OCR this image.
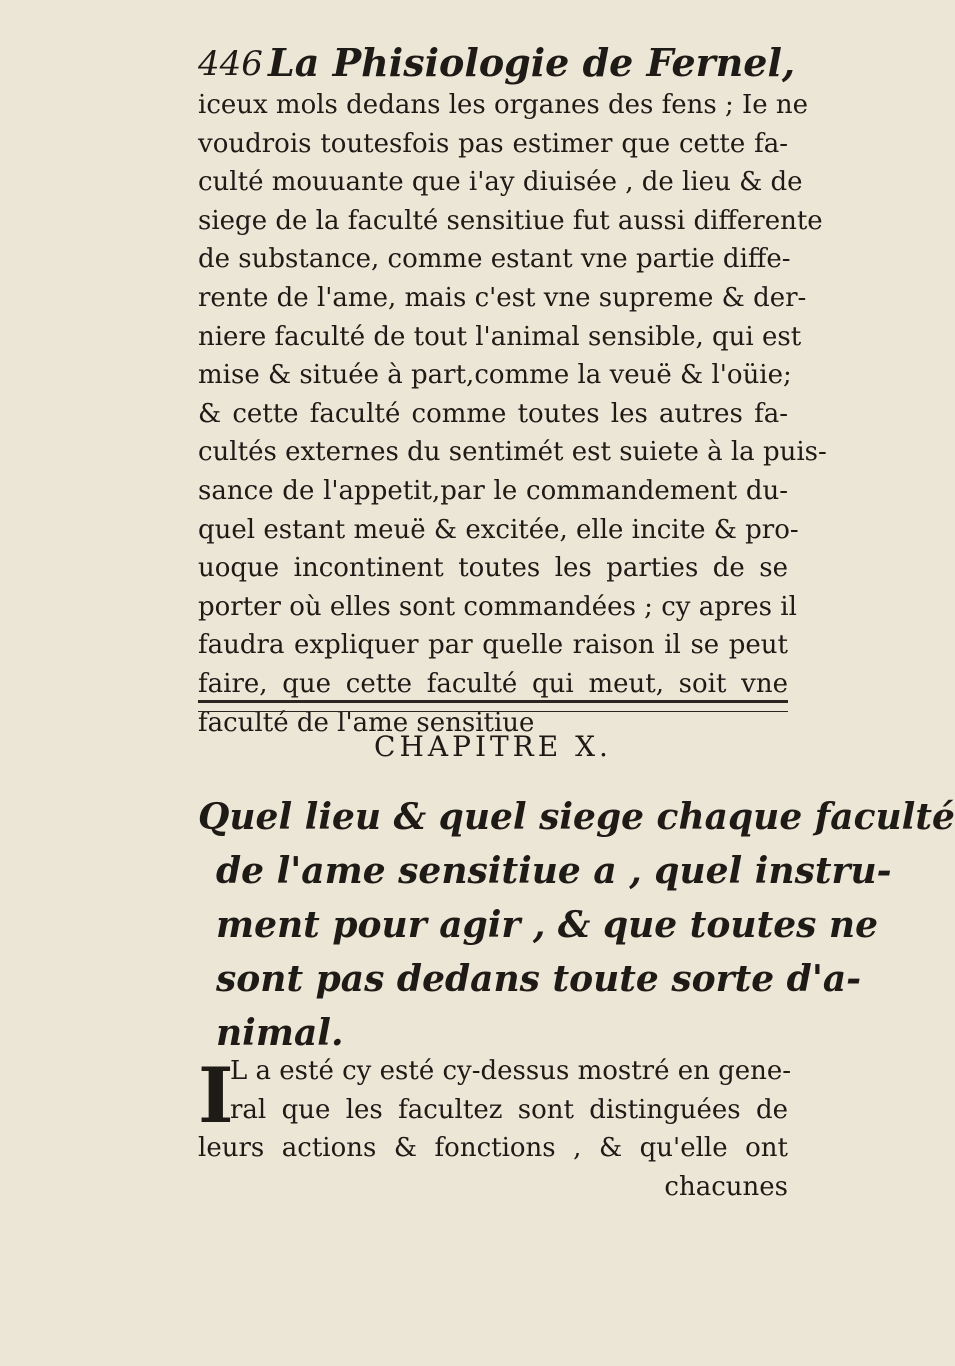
446 La Phisiologie de Fernel,
iceux mols dedans les organes des fens ; Ie ne
voudrois toutesfois pas estimer que cette fa-
culté mouuante que i'ay diuisée , de lieu & de
siege de la faculté sensitiue fut aussi differente
de substance, comme estant vne partie diffe-
rente de l'ame, mais c'est vne supreme & der-
niere faculté de tout l'animal sensible, qui est
mise & située à part,comme la veuë & l'oüie;
& cette faculté comme toutes les autres fa-
cultés externes du sentimét est suiete à la puis-
sance de l'appetit,par le commandement du-
quel estant meuë & excitée, elle incite & pro-
uoque incontinent toutes les parties de se
porter où elles sont commandées ; cy apres il
faudra expliquer par quelle raison il se peut
faire, que cette faculté qui meut, soit vne
faculté de l'ame sensitiue
CHAPITRE X.
Quel lieu & quel siege chaque faculté
de l'ame sensitiue a , quel instru-
ment pour agir , & que toutes ne
sont pas dedans toute sorte d'a-
nimal.
I
L a esté cy esté cy-dessus mostré en gene-
ral que les facultez sont distinguées de
leurs actions & fonctions , & qu'elle ont
chacunes
